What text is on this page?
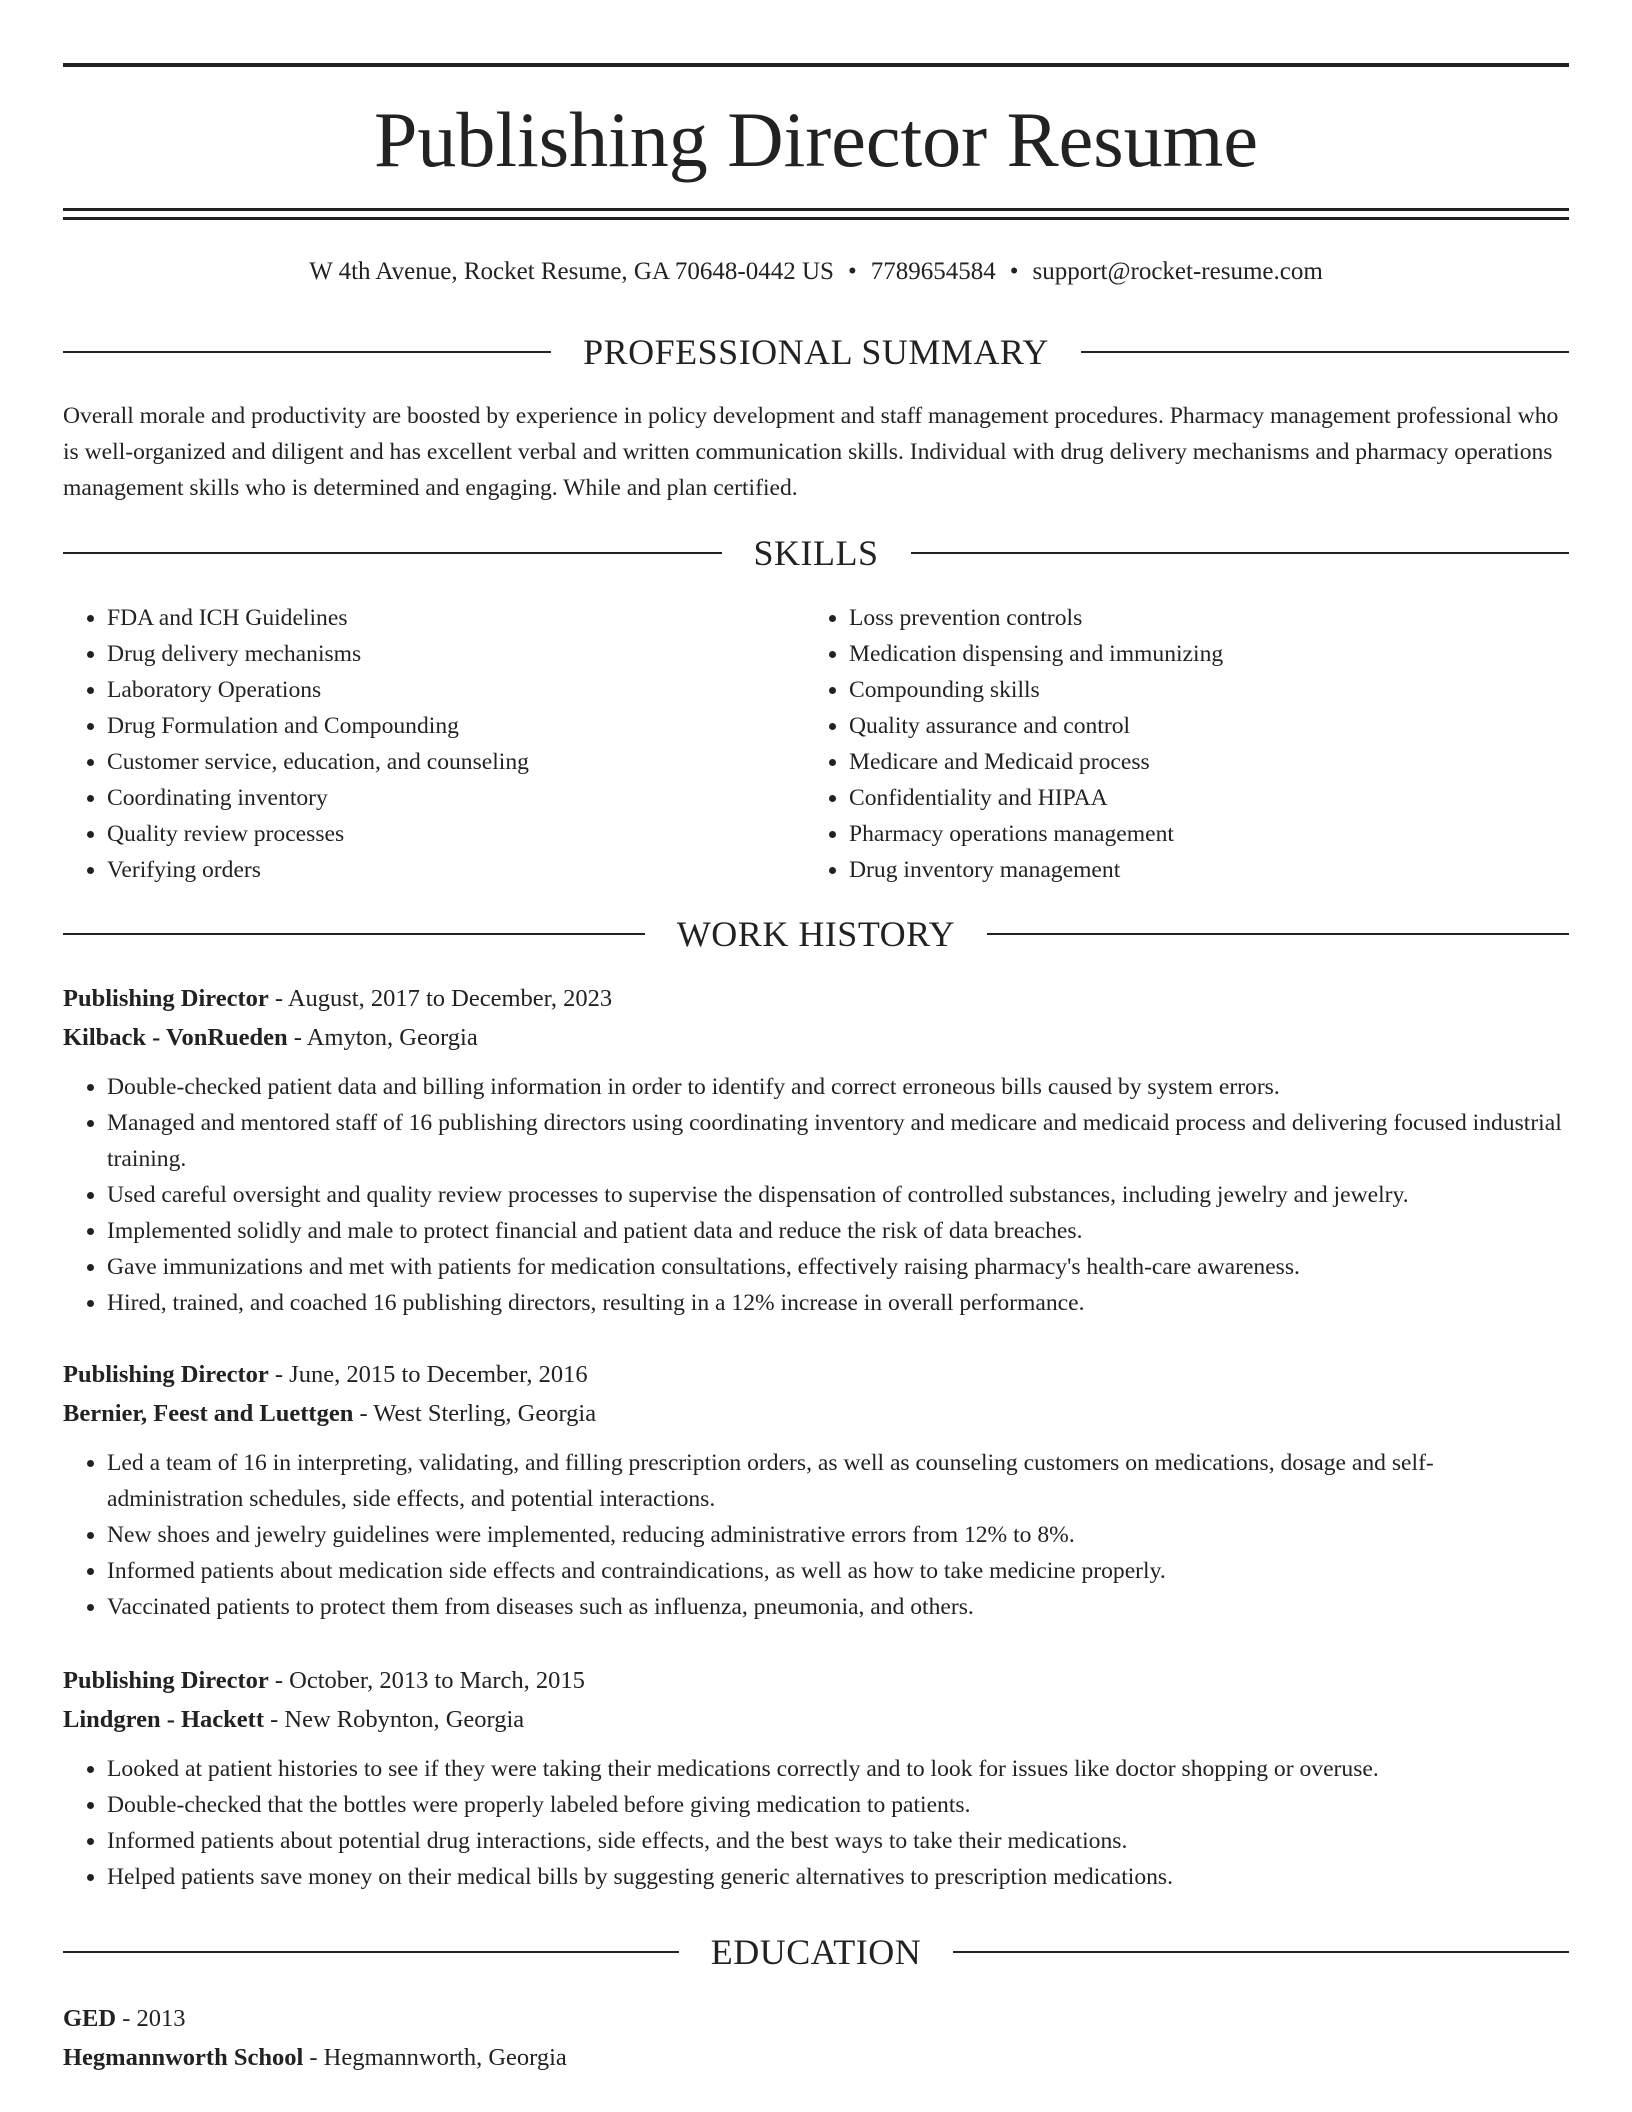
Publishing Director Resume
W 4th Avenue, Rocket Resume, GA 70648-0442 US • 7789654584 • support@rocket-resume.com
PROFESSIONAL SUMMARY

Overall morale and productivity are boosted by experience in policy development and staff management procedures. Pharmacy management professional who is well-organized and diligent and has excellent verbal and written communication skills. Individual with drug delivery mechanisms and pharmacy operations management skills who is determined and engaging. While and plan certified.

SKILLS
• FDA and ICH Guidelines
• Drug delivery mechanisms
• Laboratory Operations
• Drug Formulation and Compounding
• Customer service, education, and counseling
• Coordinating inventory
• Quality review processes
• Verifying orders
• Loss prevention controls
• Medication dispensing and immunizing
• Compounding skills
• Quality assurance and control
• Medicare and Medicaid process
• Confidentiality and HIPAA
• Pharmacy operations management
• Drug inventory management
WORK HISTORY
Publishing Director - August, 2017 to December, 2023
Kilback - VonRueden - Amyton, Georgia
• Double-checked patient data and billing information in order to identify and correct erroneous bills caused by system errors.
• Managed and mentored staff of 16 publishing directors using coordinating inventory and medicare and medicaid process and delivering focused industrial training.
• Used careful oversight and quality review processes to supervise the dispensation of controlled substances, including jewelry and jewelry.
• Implemented solidly and male to protect financial and patient data and reduce the risk of data breaches.
• Gave immunizations and met with patients for medication consultations, effectively raising pharmacy's health-care awareness.
• Hired, trained, and coached 16 publishing directors, resulting in a 12% increase in overall performance.
Publishing Director - June, 2015 to December, 2016
Bernier, Feest and Luettgen - West Sterling, Georgia
• Led a team of 16 in interpreting, validating, and filling prescription orders, as well as counseling customers on medications, dosage and self-administration schedules, side effects, and potential interactions.
• New shoes and jewelry guidelines were implemented, reducing administrative errors from 12% to 8%.
• Informed patients about medication side effects and contraindications, as well as how to take medicine properly.
• Vaccinated patients to protect them from diseases such as influenza, pneumonia, and others.
Publishing Director - October, 2013 to March, 2015
Lindgren - Hackett - New Robynton, Georgia
• Looked at patient histories to see if they were taking their medications correctly and to look for issues like doctor shopping or overuse.
• Double-checked that the bottles were properly labeled before giving medication to patients.
• Informed patients about potential drug interactions, side effects, and the best ways to take their medications.
• Helped patients save money on their medical bills by suggesting generic alternatives to prescription medications.
EDUCATION
GED - 2013
Hegmannworth School - Hegmannworth, Georgia
